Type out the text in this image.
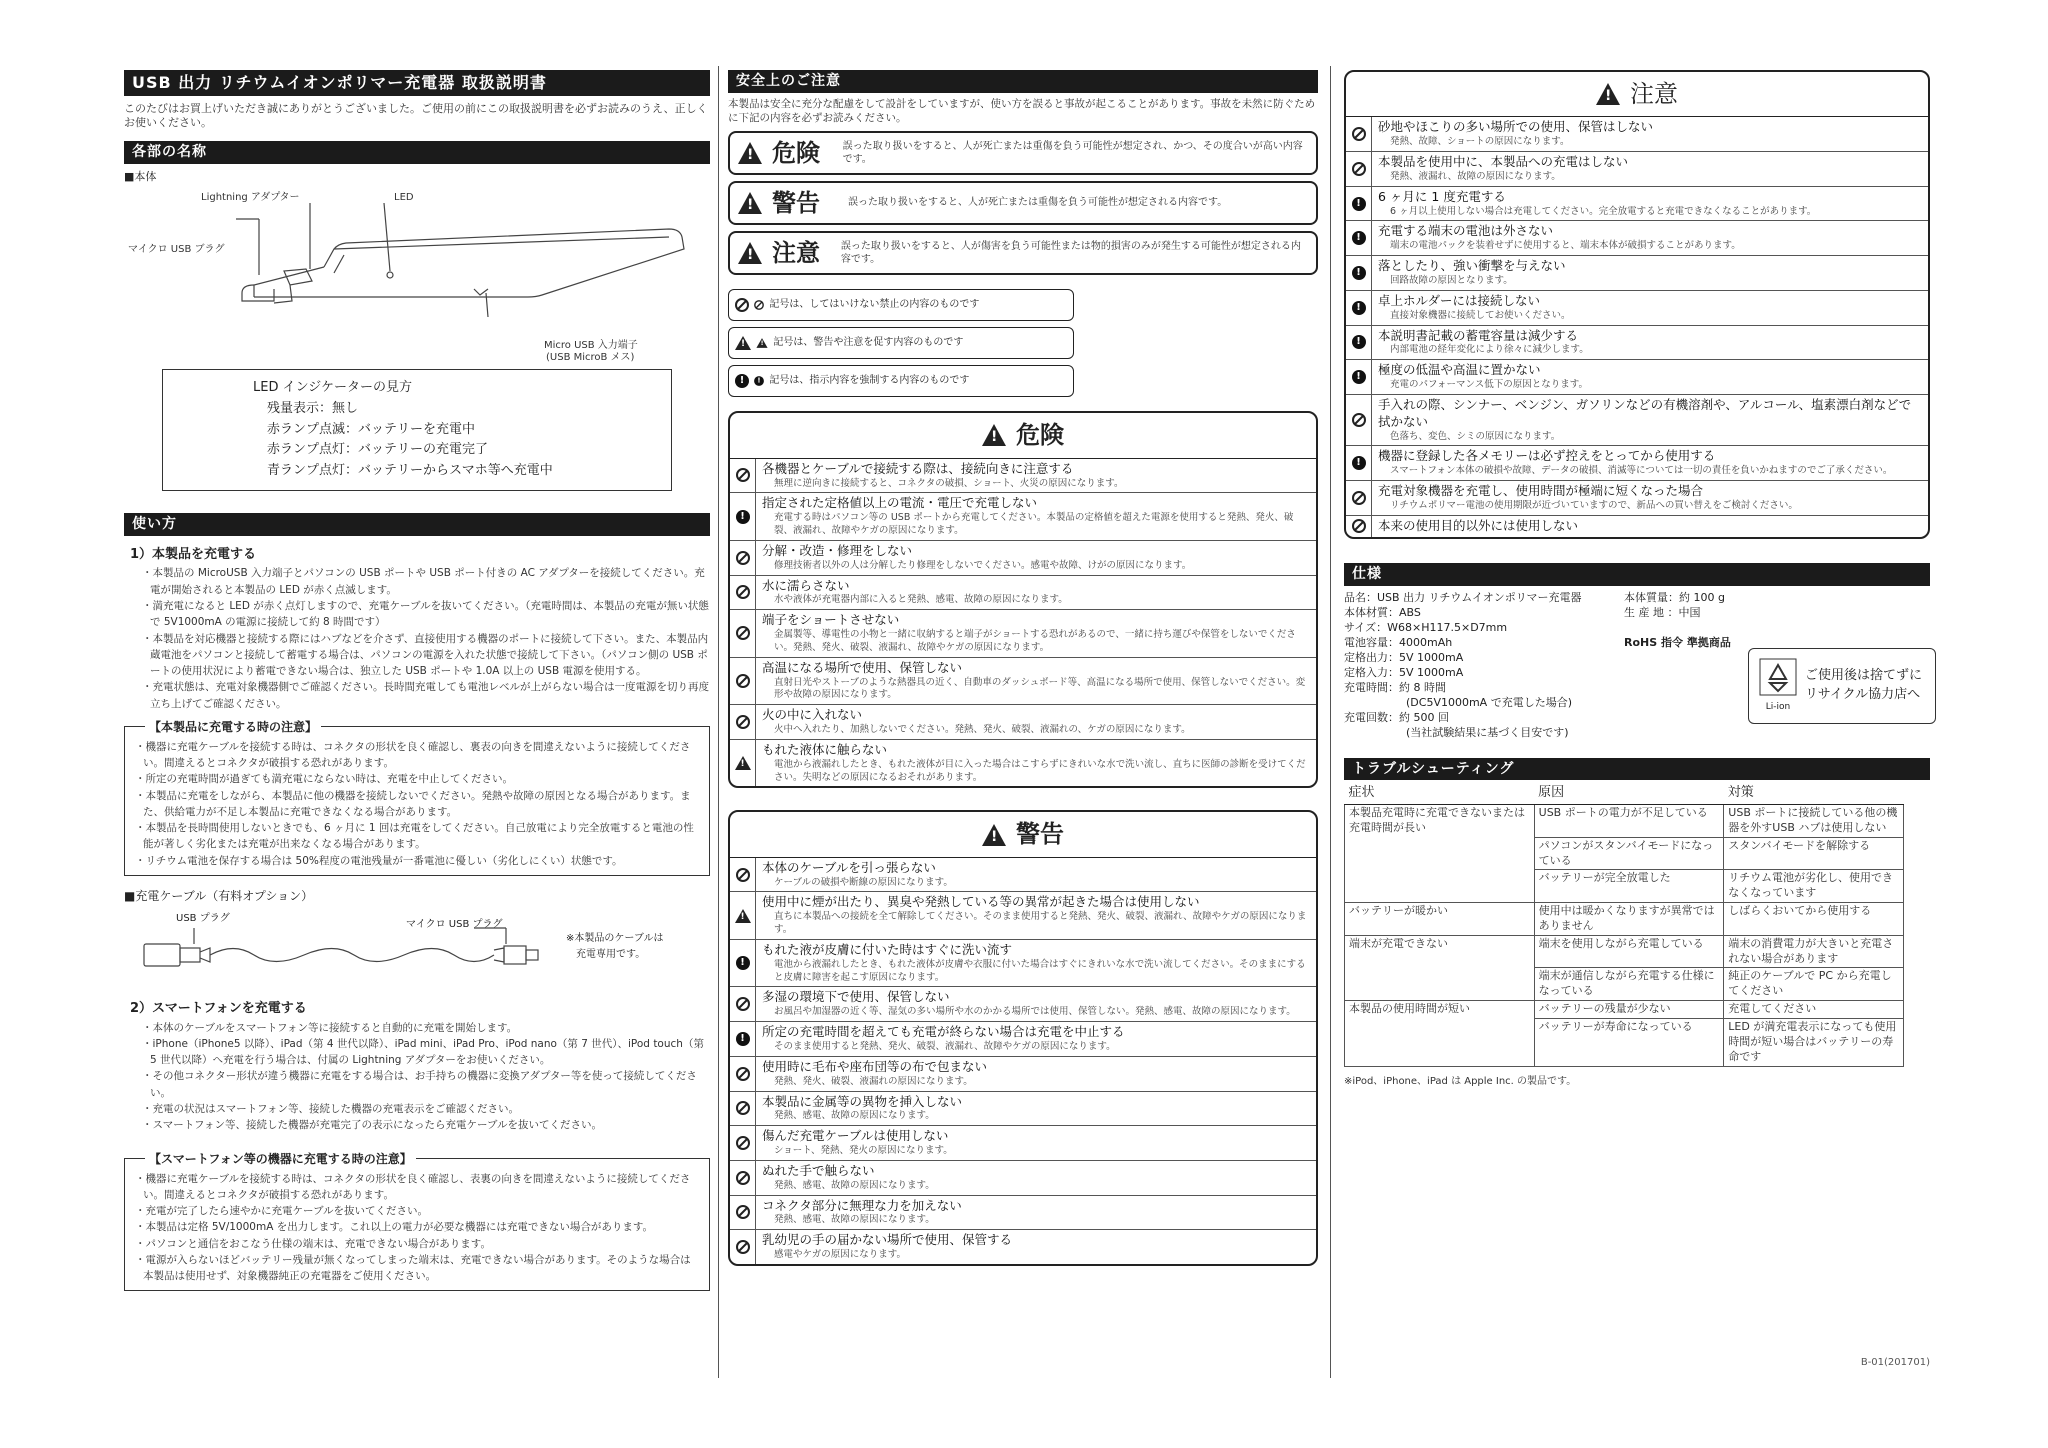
USB 出力 リチウムイオンポリマー充電器 取扱説明書
このたびはお買上げいただき誠にありがとうございました。ご使用の前にこの取扱説明書を必ずお読みのうえ、正しくお使いください。
各部の名称
■本体
Lightning アダプター	LED
マイクロ USB ブラグ
Micro USB 入力端子
(USB MicroB メス)
LED インジケーターの見方
残量表示：無し
赤ランプ点滅：バッテリーを充電中
赤ランプ点灯：バッテリーの充電完了
青ランプ点灯：バッテリーからスマホ等へ充電中
使い方
1）本製品を充電する
・本製品の MicroUSB 入力端子とパソコンの USB ポートや USB ポート付きの AC アダプターを接続してください。充電が開始されると本製品の LED が赤く点滅します。
・満充電になると LED が赤く点灯しますので、充電ケーブルを抜いてください。（充電時間は、本製品の充電が無い状態で 5V1000mA の電源に接続して約 8 時間です）
・本製品を対応機器と接続する際にはハブなどを介さず、直接使用する機器のポートに接続して下さい。また、本製品内蔵電池をパソコンと接続して蓄電する場合は、パソコンの電源を入れた状態で接続して下さい。（パソコン側の USB ポートの使用状況により蓄電できない場合は、独立した USB ポートや 1.0A 以上の USB 電源を使用する。
・充電状態は、充電対象機器側でご確認ください。長時間充電しても電池レベルが上がらない場合は一度電源を切り再度立ち上げてご確認ください。
【本製品に充電する時の注意】
・機器に充電ケーブルを接続する時は、コネクタの形状を良く確認し、裏表の向きを間違えないように接続してください。間違えるとコネクタが破損する恐れがあります。
・所定の充電時間が過ぎても満充電にならない時は、充電を中止してください。
・本製品に充電をしながら、本製品に他の機器を接続しないでください。発熱や故障の原因となる場合があります。また、供給電力が不足し本製品に充電できなくなる場合があります。
・本製品を長時間使用しないときでも、6 ヶ月に 1 回は充電をしてください。自己放電により完全放電すると電池の性能が著しく劣化または充電が出来なくなる場合があります。
・リチウム電池を保存する場合は 50%程度の電池残量が一番電池に優しい（劣化しにくい）状態です。
■充電ケーブル（有料オプション）
USB プラグ
マイクロ USB プラグ
※本製品のケーブルは
充電専用です。
2）スマートフォンを充電する
・本体のケーブルをスマートフォン等に接続すると自動的に充電を開始します。
・iPhone（iPhone5 以降）、iPad（第 4 世代以降）、iPad mini、iPad Pro、iPod nano（第 7 世代）、iPod touch（第 5 世代以降）へ充電を行う場合は、付属の Lightning アダプターをお使いください。
・その他コネクター形状が違う機器に充電をする場合は、お手持ちの機器に変換アダプター等を使って接続してください。
・充電の状況はスマートフォン等、接続した機器の充電表示をご確認ください。
・スマートフォン等、接続した機器が充電完了の表示になったら充電ケーブルを抜いてください。
【スマートフォン等の機器に充電する時の注意】
・機器に充電ケーブルを接続する時は、コネクタの形状を良く確認し、表裏の向きを間違えないように接続してください。間違えるとコネクタが破損する恐れがあります。
・充電が完了したら速やかに充電ケーブルを抜いてください。
・本製品は定格 5V/1000mA を出力します。これ以上の電力が必要な機器には充電できない場合があります。
・パソコンと通信をおこなう仕様の端末は、充電できない場合があります。
・電源が入らないほどバッテリー残量が無くなってしまった端末は、充電できない場合があります。そのような場合は本製品は使用せず、対象機器純正の充電器をご使用ください。
安全上のご注意
本製品は安全に充分な配慮をして設計をしていますが、使い方を誤ると事故が起こることがあります。事故を未然に防ぐために下記の内容を必ずお読みください。
!
危険 誤った取り扱いをすると、人が死亡または重傷を負う可能性が想定され、かつ、その度合いが高い内容です。
!
警告	誤った取り扱いをすると、人が死亡または重傷を負う可能性が想定される内容です。
!
注意 誤った取り扱いをすると、人が傷害を負う可能性または物的損害のみが発生する可能性が想定される内容です。

記号は、してはいけない禁止の内容のものです
!

!

記号は、警告や注意を促す内容のものです
!
	!
記号は、指示内容を強制する内容のものです
!
危険
各機器とケーブルで接続する際は、接続向きに注意する
無理に逆向きに接続すると、コネクタの破損、ショート、火災の原因になります。
!
指定された定格値以上の電流・電圧で充電しない
充電する時はパソコン等の USB ポートから充電してください。本製品の定格値を超えた電源を使用すると発熱、発火、破裂、液漏れ、故障やケガの原因になります。
分解・改造・修理をしない
修理技術者以外の人は分解したり修理をしないでください。感電や故障、けがの原因になります。
水に濡らさない
水や液体が充電器内部に入ると発熱、感電、故障の原因になります。
端子をショートさせない
金属製等、導電性の小物と一緒に収納すると端子がショートする恐れがあるので、一緒に持ち運びや保管をしないでください。発熱、発火、破裂、液漏れ、故障やケガの原因になります。
高温になる場所で使用、保管しない
直射日光やストーブのような熱器具の近く、自動車のダッシュボード等、高温になる場所で使用、保管しないでください。変形や故障の原因になります。
火の中に入れない
火中へ入れたり、加熱しないでください。発熱、発火、破裂、液漏れの、ケガの原因になります。
!
もれた液体に触らない
電池から液漏れしたとき、もれた液体が目に入った場合はこすらずにきれいな水で洗い流し、直ちに医師の診断を受けてください。失明などの原因になるおそれがあります。
!
警告
本体のケーブルを引っ張らない
ケーブルの破損や断線の原因になります。
!
使用中に煙が出たり、異臭や発熱している等の異常が起きた場合は使用しない
直ちに本製品への接続を全て解除してください。そのまま使用すると発熱、発火、破裂、液漏れ、故障やケガの原因になります。
!
もれた液が皮膚に付いた時はすぐに洗い流す
電池から液漏れしたとき、もれた液体が皮膚や衣服に付いた場合はすぐにきれいな水で洗い流してください。そのままにすると皮膚に障害を起こす原因になります。
多湿の環境下で使用、保管しない
お風呂や加湿器の近く等、湿気の多い場所や水のかかる場所では使用、保管しない。発熱、感電、故障の原因になります。
!	所定の充電時間を超えても充電が終らない場合は充電を中止する
そのまま使用すると発熱、発火、破裂、液漏れ、故障やケガの原因になります。
使用時に毛布や座布団等の布で包まない
発熱、発火、破裂、液漏れの原因になります。
本製品に金属等の異物を挿入しない
発熱、感電、故障の原因になります。
傷んだ充電ケーブルは使用しない
ショート、発熱、発火の原因になります。
ぬれた手で触らない
発熱、感電、故障の原因になります。
コネクタ部分に無理な力を加えない
発熱、感電、故障の原因になります。
乳幼児の手の届かない場所で使用、保管する
感電やケガの原因になります。
!
注意
砂地やほこりの多い場所での使用、保管はしない
発熱、故障、ショートの原因になります。
本製品を使用中に、本製品への充電はしない
発熱、液漏れ、故障の原因になります。
!	6 ヶ月に 1 度充電する
6 ヶ月以上使用しない場合は充電してください。完全放電すると充電できなくなることがあります。
!	充電する端末の電池は外さない
端末の電池パックを装着せずに使用すると、端末本体が破損することがあります。
!	落としたり、強い衝撃を与えない
回路故障の原因となります。
!	卓上ホルダーには接続しない
直接対象機器に接続してお使いください。
!	本説明書記載の蓄電容量は減少する
内部電池の経年変化により徐々に減少します。
!	極度の低温や高温に置かない
充電のパフォーマンス低下の原因となります。
手入れの際、シンナー、ベンジン、ガソリンなどの有機溶剤や、アルコール、塩素漂白剤などで拭かない
色落ち、変色、シミの原因になります。
!	機器に登録した各メモリーは必ず控えをとってから使用する
スマートフォン本体の破損や故障、データの破損、消滅等については一切の責任を負いかねますのでご了承ください。
充電対象機器を充電し、使用時間が極端に短くなった場合
リチウムポリマー電池の使用期限が近づいていますので、新品への買い替えをご検討ください。
本来の使用目的以外には使用しない
仕様
品名：USB 出力 リチウムイオンポリマー充電器	本体質量：約 100 g
本体材質：ABS	生 産 地 ：中国
サイズ：W68×H117.5×D7mm
電池容量：4000mAh	RoHS 指令 準拠商品
定格出力：5V 1000mA
定格入力：5V 1000mA
充電時間：約 8 時間
(DC5V1000mA で充電した場合)
充電回数：約 500 回
(当社試験結果に基づく目安です)
Li-ion
ご使用後は捨てずに
リサイクル協力店へ
トラブルシューティング
症状	原因	対策
本製品充電時に充電できないまたは充電時間が長い	USB ポートの電力が不足している	USB ポートに接続している他の機器を外すUSB ハブは使用しない
	パソコンがスタンバイモードになっている	スタンバイモードを解除する
	バッテリーが完全放電した	リチウム電池が劣化し、使用できなくなっています
バッテリーが暖かい	使用中は暖かくなりますが異常ではありません	しばらくおいてから使用する
端末が充電できない	端末を使用しながら充電している	端末の消費電力が大きいと充電されない場合があります
	端末が通信しながら充電する仕様になっている	純正のケーブルで PC から充電してください
本製品の使用時間が短い	バッテリーの残量が少ない	充電してください
	バッテリーが寿命になっている	LED が満充電表示になっても使用時間が短い場合はバッテリーの寿命です
※iPod、iPhone、iPad は Apple Inc. の製品です。
B-01(201701)
